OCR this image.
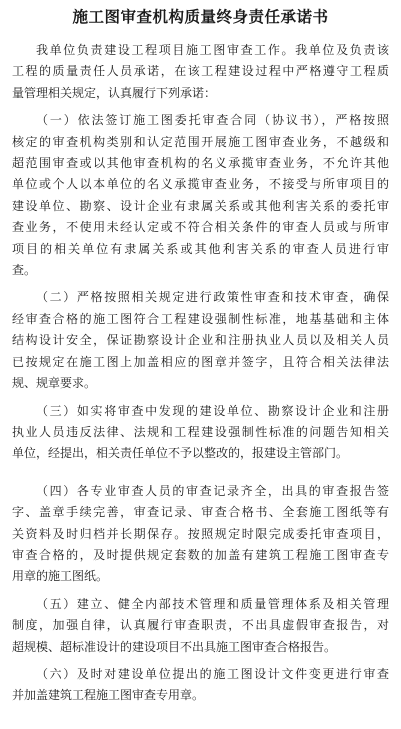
施工图审查机构质量终身责任承诺书
我单位负责建设工程项目施工图审查工作。我单位及负责该
工程的质量责任人员承诺，在该工程建设过程中严格遵守工程质
量管理相关规定，认真履行下列承诺：
（一）依法签订施工图委托审查合同（协议书），严格按照
核定的审查机构类别和认定范围开展施工图审查业务，不越级和
超范围审查或以其他审查机构的名义承揽审查业务，不允许其他
单位或个人以本单位的名义承揽审查业务，不接受与所审项目的
建设单位、勘察、设计企业有隶属关系或其他利害关系的委托审
查业务，不使用未经认定或不符合相关条件的审查人员或与所审
项目的相关单位有隶属关系或其他利害关系的审查人员进行审
查。
（二）严格按照相关规定进行政策性审查和技术审查，确保
经审查合格的施工图符合工程建设强制性标准，地基基础和主体
结构设计安全，保证勘察设计企业和注册执业人员以及相关人员
已按规定在施工图上加盖相应的图章并签字，且符合相关法律法
规、规章要求。
（三）如实将审查中发现的建设单位、勘察设计企业和注册
执业人员违反法律、法规和工程建设强制性标准的问题告知相关
单位，经提出，相关责任单位不予以整改的，报建设主管部门。
（四）各专业审查人员的审查记录齐全，出具的审查报告签
字、盖章手续完善，审查记录、审查合格书、全套施工图纸等有
关资料及时归档并长期保存。按照规定时限完成委托审查项目，
审查合格的，及时提供规定套数的加盖有建筑工程施工图审查专
用章的施工图纸。
（五）建立、健全内部技术管理和质量管理体系及相关管理
制度，加强自律，认真履行审查职责，不出具虚假审查报告，对
超规模、超标准设计的建设项目不出具施工图审查合格报告。
（六）及时对建设单位提出的施工图设计文件变更进行审查
并加盖建筑工程施工图审查专用章。
